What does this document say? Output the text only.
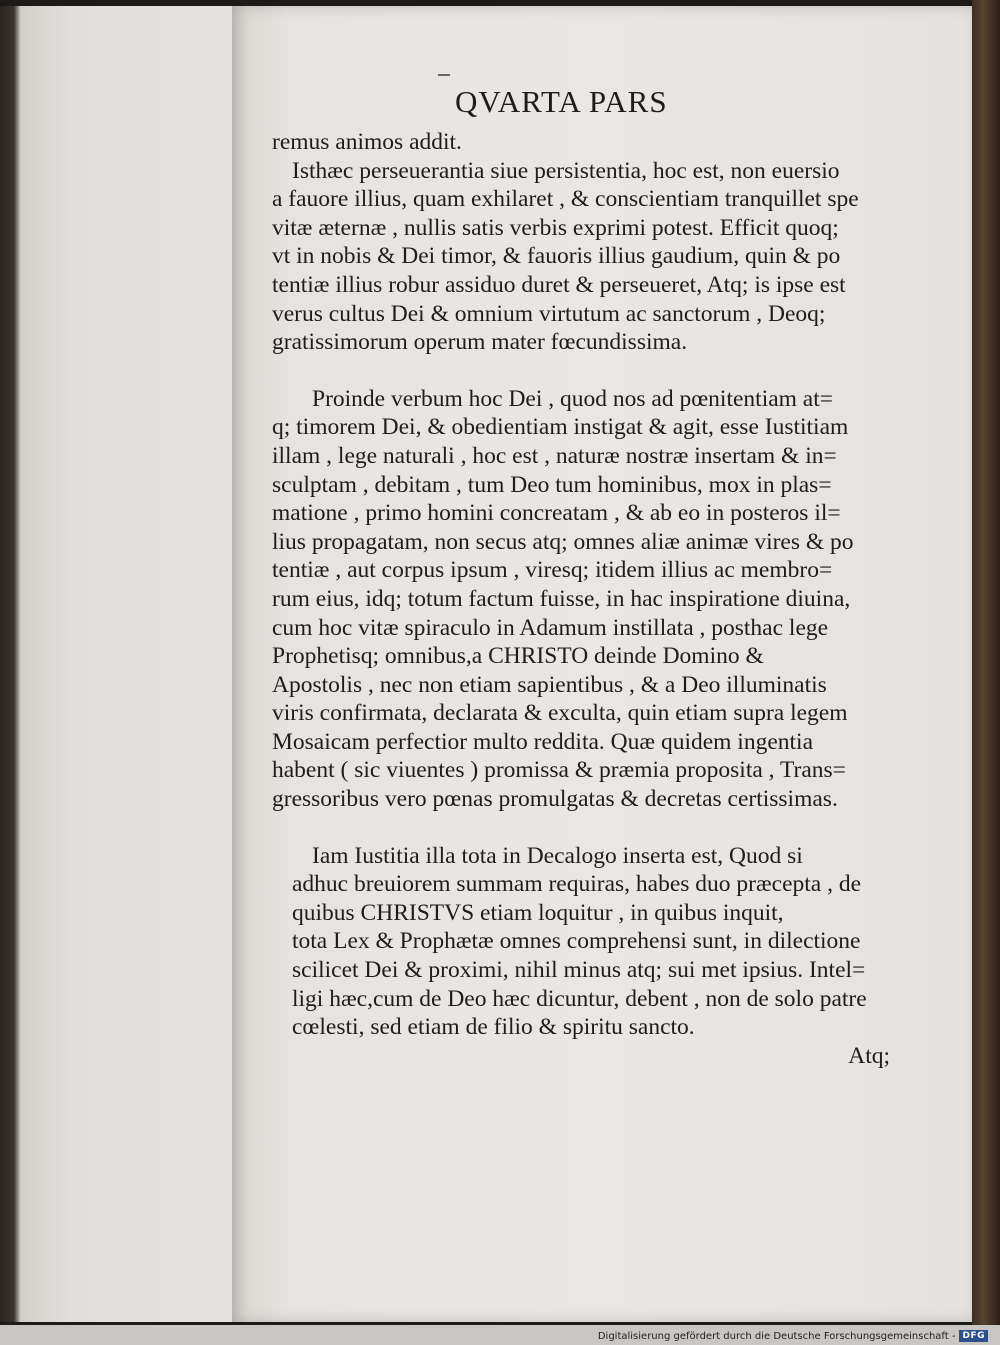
QVARTA PARS
remus animos addit.
Isthæc perseuerantia siue persistentia, hoc est, non euersio
a fauore illius, quam exhilaret , & conscientiam tranquillet spe
vitæ æternæ , nullis satis verbis exprimi potest. Efficit quoq;
vt in nobis & Dei timor, & fauoris illius gaudium, quin & po
tentiæ illius robur assiduo duret & perseueret, Atq; is ipse est
verus cultus Dei & omnium virtutum ac sanctorum , Deoq;
gratissimorum operum mater fœcundissima.
Proinde verbum hoc Dei , quod nos ad pœnitentiam at=
q; timorem Dei, & obedientiam instigat & agit, esse Iustitiam
illam , lege naturali , hoc est , naturæ nostræ insertam & in=
sculptam , debitam , tum Deo tum hominibus, mox in plas=
matione , primo homini concreatam , & ab eo in posteros il=
lius propagatam, non secus atq; omnes aliæ animæ vires & po
tentiæ , aut corpus ipsum , viresq; itidem illius ac membro=
rum eius, idq; totum factum fuisse, in hac inspiratione diuina,
cum hoc vitæ spiraculo in Adamum instillata , posthac lege
Prophetisq; omnibus,a CHRISTO deinde Domino &
Apostolis , nec non etiam sapientibus , & a Deo illuminatis
viris confirmata, declarata & exculta, quin etiam supra legem
Mosaicam perfectior multo reddita. Quæ quidem ingentia
habent ( sic viuentes ) promissa & præmia proposita , Trans=
gressoribus vero pœnas promulgatas & decretas certissimas.
Iam Iustitia illa tota in Decalogo inserta est, Quod si
adhuc breuiorem summam requiras, habes duo præcepta , de
quibus CHRISTVS etiam loquitur , in quibus inquit,
tota Lex & Prophætæ omnes comprehensi sunt, in dilectione
scilicet Dei & proximi, nihil minus atq; sui met ipsius. Intel=
ligi hæc,cum de Deo hæc dicuntur, debent , non de solo patre
cœlesti, sed etiam de filio & spiritu sancto.
Atq;
Digitalisierung gefördert durch die Deutsche Forschungsgemeinschaft - DFG
